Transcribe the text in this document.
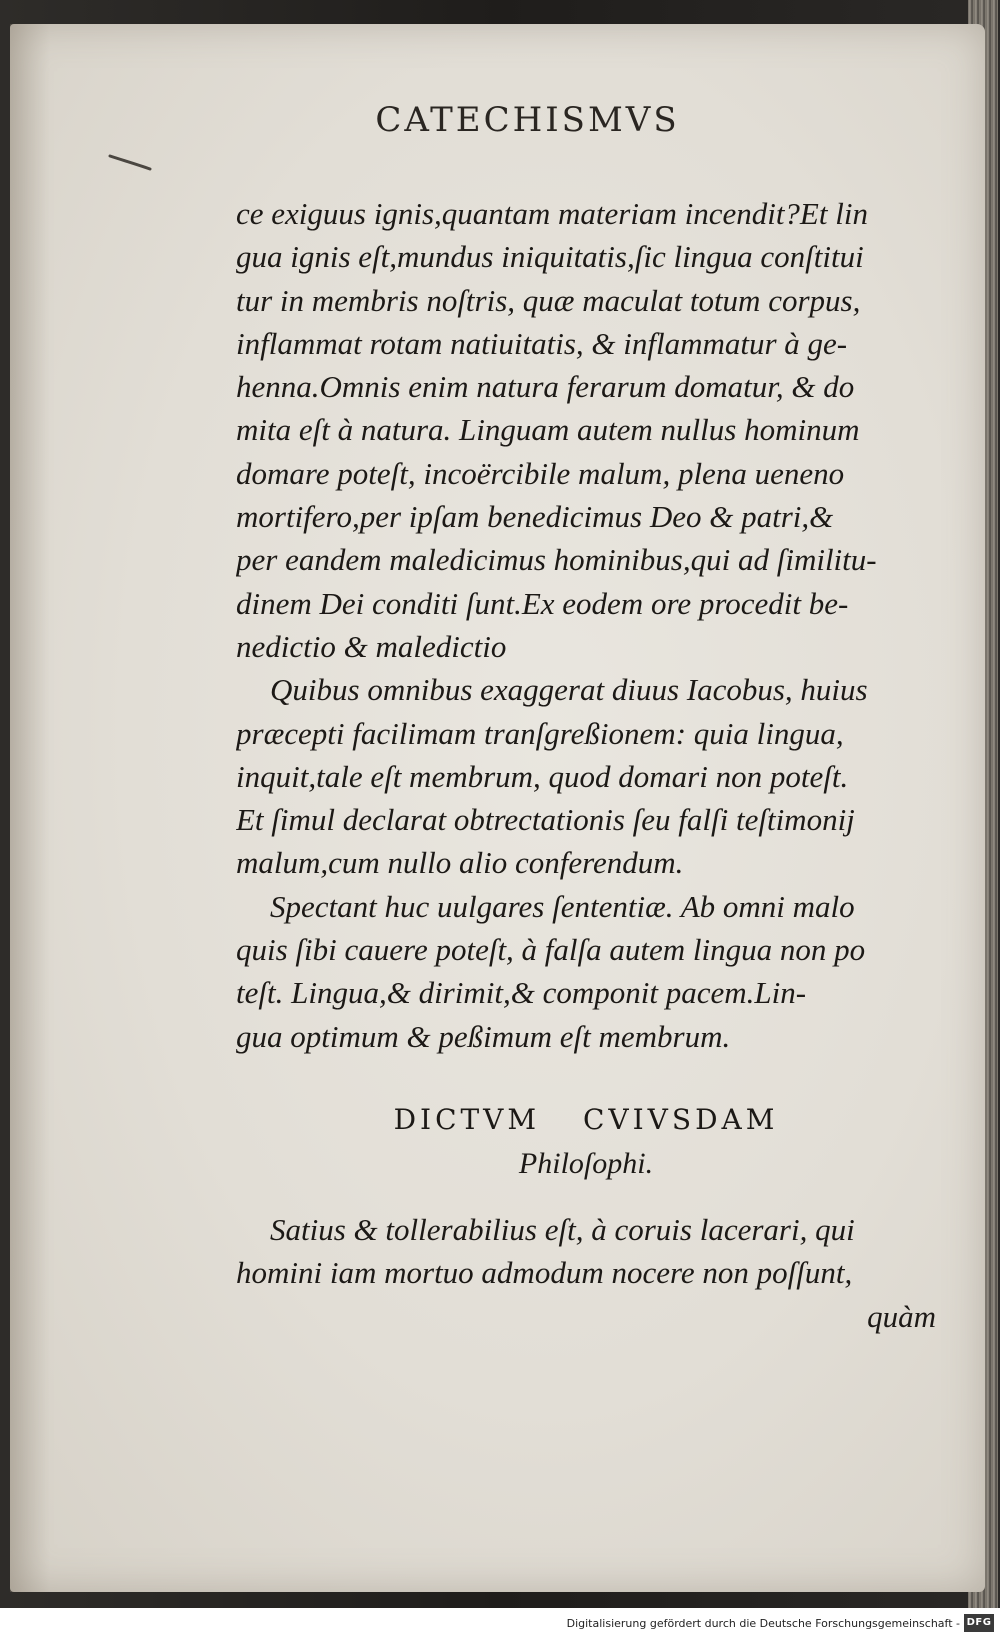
CATECHISMVS
ce exiguus ignis,quantam materiam incendit?Et lin
gua ignis eſt,mundus iniquitatis,ſic lingua conſtitui
tur in membris noſtris, quæ maculat totum corpus,
inflammat rotam natiuitatis, & inflammatur à ge-
henna.Omnis enim natura ferarum domatur, & do
mita eſt à natura. Linguam autem nullus hominum
domare poteſt, incoërcibile malum, plena ueneno
mortifero,per ipſam benedicimus Deo & patri,&
per eandem maledicimus hominibus,qui ad ſimilitu-
dinem Dei conditi ſunt.Ex eodem ore procedit be-
nedictio & maledictio
Quibus omnibus exaggerat diuus Iacobus, huius
præcepti facilimam tranſgreßionem: quia lingua,
inquit,tale eſt membrum, quod domari non poteſt.
Et ſimul declarat obtrectationis ſeu falſi teſtimonij
malum,cum nullo alio conferendum.
Spectant huc uulgares ſententiæ. Ab omni malo
quis ſibi cauere poteſt, à falſa autem lingua non po
teſt. Lingua,& dirimit,& componit pacem.Lin-
gua optimum & peßimum eſt membrum.
DICTVM CVIVSDAM
Philoſophi.
Satius & tollerabilius eſt, à coruis lacerari, qui
homini iam mortuo admodum nocere non poſſunt,
quàm
Digitalisierung gefördert durch die Deutsche Forschungsgemeinschaft - DFG
